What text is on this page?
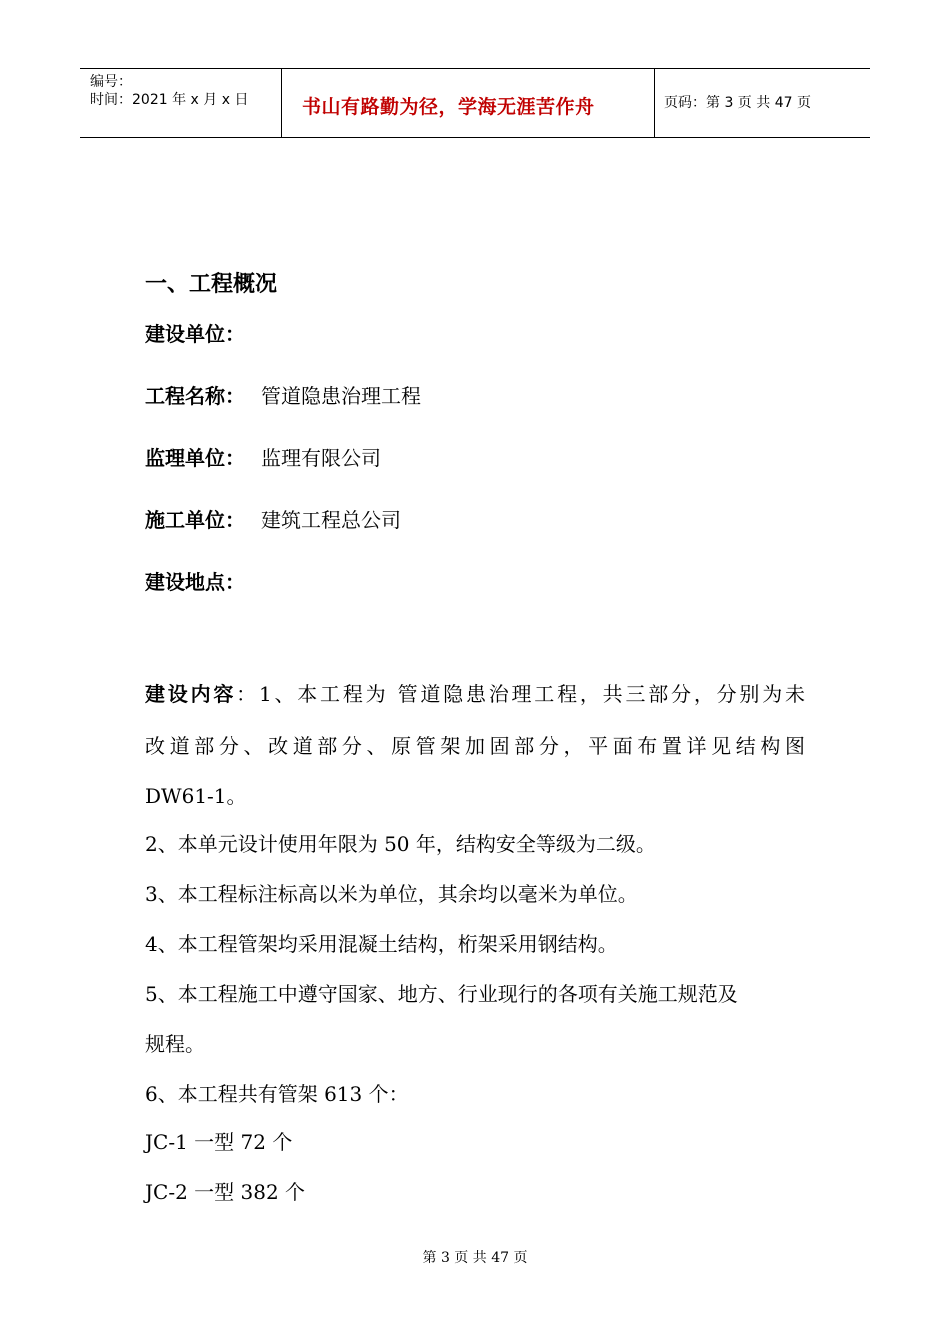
编号：
时间：2021 年 x 月 x 日	书山有路勤为径，学海无涯苦作舟	页码：第 3 页 共 47 页
一、工程概况
建设单位：
工程名称： 管道隐患治理工程
监理单位： 监理有限公司
施工单位： 建筑工程总公司
建设地点：
建设内容：1、本工程为 管道隐患治理工程，共三部分，分别为未
改道部分、改道部分、原管架加固部分，平面布置详见结构图
DW61-1。
2、本单元设计使用年限为 50 年，结构安全等级为二级。
3、本工程标注标高以米为单位，其余均以毫米为单位。
4、本工程管架均采用混凝土结构，桁架采用钢结构。
5、本工程施工中遵守国家、地方、行业现行的各项有关施工规范及
规程。
6、本工程共有管架 613 个：
JC-1 一型 72 个
JC-2 一型 382 个
第 3 页 共 47 页
